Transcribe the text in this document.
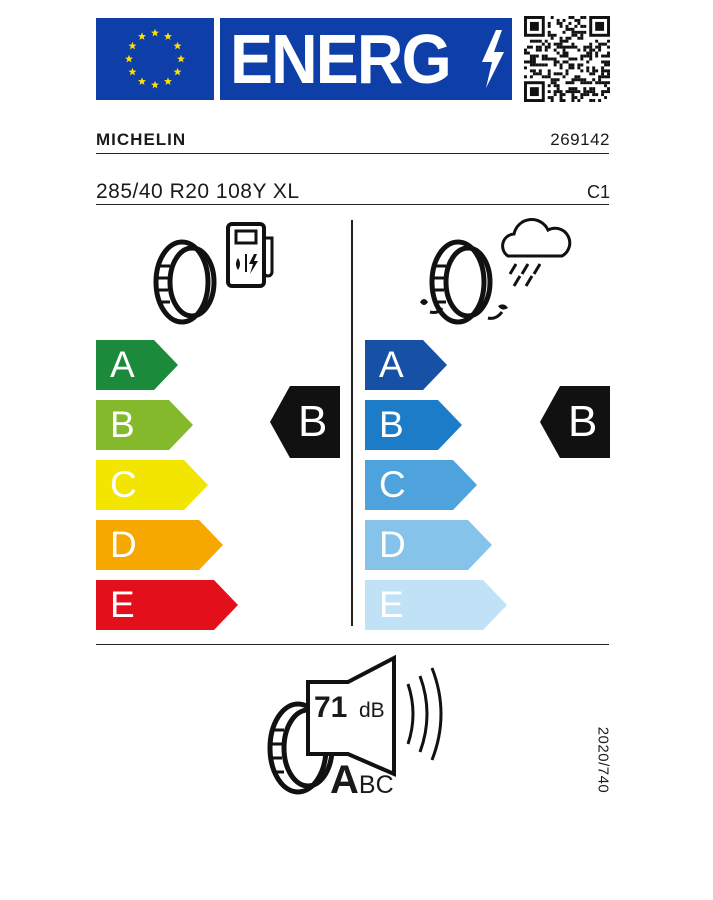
ENERG
MICHELIN	269142
285/40 R20 108Y XL	C1
A
B
C
D
E
B
A
B
C
D
E
B
71 dB
ABC	2020/740
